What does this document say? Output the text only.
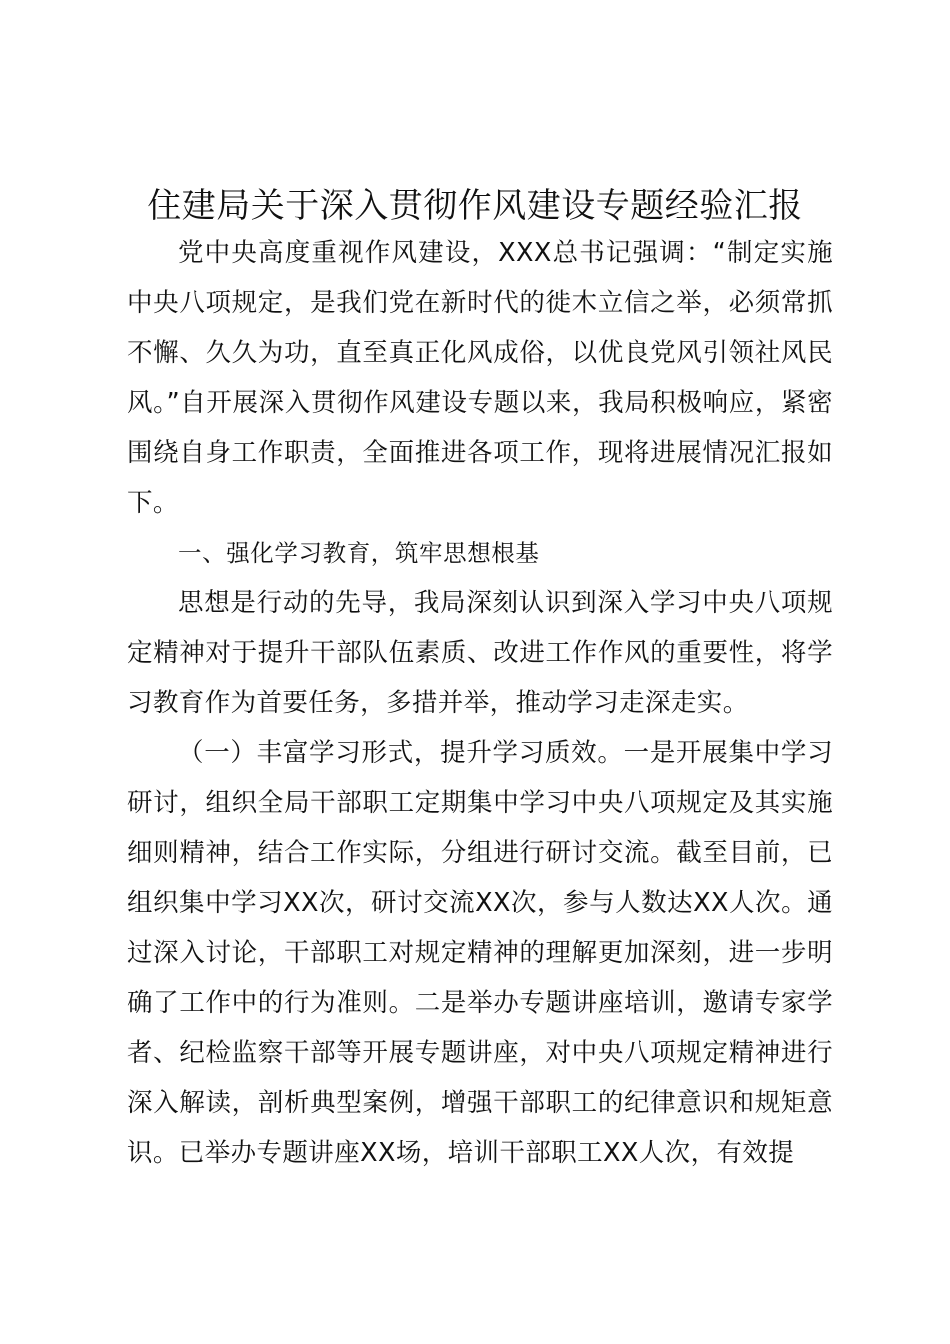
住建局关于深入贯彻作风建设专题经验汇报

党中央高度重视作风建设，XXX总书记强调：“制定实施中央八项规定，是我们党在新时代的徙木立信之举，必须常抓不懈、久久为功，直至真正化风成俗，以优良党风引领社风民风。”自开展深入贯彻作风建设专题以来，我局积极响应，紧密围绕自身工作职责，全面推进各项工作，现将进展情况汇报如下。

一、强化学习教育，筑牢思想根基

思想是行动的先导，我局深刻认识到深入学习中央八项规定精神对于提升干部队伍素质、改进工作作风的重要性，将学习教育作为首要任务，多措并举，推动学习走深走实。

（一）丰富学习形式，提升学习质效。一是开展集中学习研讨，组织全局干部职工定期集中学习中央八项规定及其实施细则精神，结合工作实际，分组进行研讨交流。截至目前，已组织集中学习XX次，研讨交流XX次，参与人数达XX人次。通过深入讨论，干部职工对规定精神的理解更加深刻，进一步明确了工作中的行为准则。二是举办专题讲座培训，邀请专家学者、纪检监察干部等开展专题讲座，对中央八项规定精神进行深入解读，剖析典型案例，增强干部职工的纪律意识和规矩意识。已举办专题讲座XX场，培训干部职工XX人次，有效提
